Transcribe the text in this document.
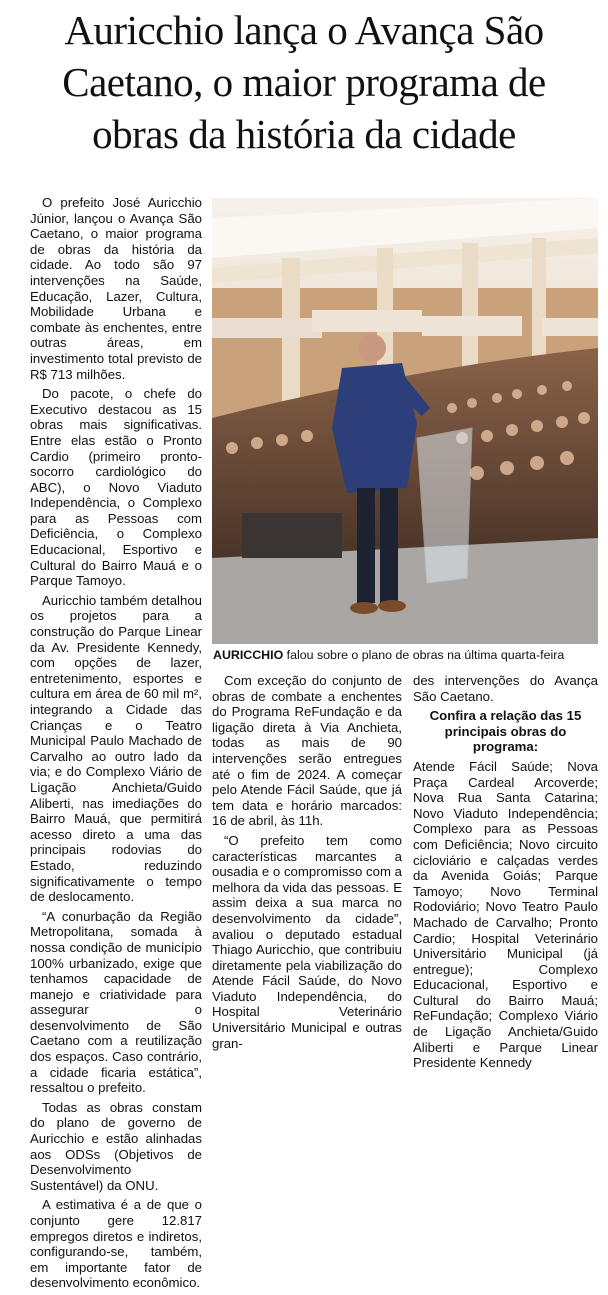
Auricchio lança o Avança São
Caetano, o maior programa de
obras da história da cidade

O prefeito José Auricchio Júnior, lançou o Avança São Caetano, o maior programa de obras da história da cidade. Ao todo são 97 intervenções na Saúde, Educação, Lazer, Cultura, Mobilidade Urbana e combate às enchentes, entre outras áreas, em investimento total previsto de R$ 713 milhões.

Do pacote, o chefe do Executivo destacou as 15 obras mais significativas. Entre elas estão o Pronto Cardio (primeiro pronto-socorro cardiológico do ABC), o Novo Viaduto Independência, o Complexo para as Pessoas com Deficiência, o Complexo Educacional, Esportivo e Cultural do Bairro Mauá e o Parque Tamoyo.

Auricchio também detalhou os projetos para a construção do Parque Linear da Av. Presidente Kennedy, com opções de lazer, entretenimento, esportes e cultura em área de 60 mil m², integrando a Cidade das Crianças e o Teatro Municipal Paulo Machado de Carvalho ao outro lado da via; e do Complexo Viário de Ligação Anchieta/Guido Aliberti, nas imediações do Bairro Mauá, que permitirá acesso direto a uma das principais rodovias do Estado, reduzindo significativamente o tempo de deslocamento.

“A conurbação da Região Metropolitana, somada à nossa condição de município 100% urbanizado, exige que tenhamos capacidade de manejo e criatividade para assegurar o desenvolvimento de São Caetano com a reutilização dos espaços. Caso contrário, a cidade ficaria estática”, ressaltou o prefeito.

Todas as obras constam do plano de governo de Auricchio e estão alinhadas aos ODSs (Objetivos de Desenvolvimento Sustentável) da ONU.

A estimativa é a de que o conjunto gere 12.817 empregos diretos e indiretos, configurando-se, também, em importante fator de desenvolvimento econômico.

AURICCHIO falou sobre o plano de obras na última quarta-feira

Com exceção do conjunto de obras de combate a enchentes do Programa ReFundação e da ligação direta à Via Anchieta, todas as mais de 90 intervenções serão entregues até o fim de 2024. A começar pelo Atende Fácil Saúde, que já tem data e horário marcados: 16 de abril, às 11h.

“O prefeito tem como características marcantes a ousadia e o compromisso com a melhora da vida das pessoas. E assim deixa a sua marca no desenvolvimento da cidade”, avaliou o deputado estadual Thiago Auricchio, que contribuiu diretamente pela viabilização do Atende Fácil Saúde, do Novo Viaduto Independência, do Hospital Veterinário Universitário Municipal e outras gran-

des intervenções do Avança São Caetano.

Confira a relação das 15 principais obras do programa:

Atende Fácil Saúde; Nova Praça Cardeal Arcoverde; Nova Rua Santa Catarina; Novo Viaduto Independência; Complexo para as Pessoas com Deficiência; Novo circuito cicloviário e calçadas verdes da Avenida Goiás; Parque Tamoyo; Novo Terminal Rodoviário; Novo Teatro Paulo Machado de Carvalho; Pronto Cardio; Hospital Veterinário Universitário Municipal (já entregue); Complexo Educacional, Esportivo e Cultural do Bairro Mauá; ReFundação; Complexo Viário de Ligação Anchieta/Guido Aliberti e Parque Linear Presidente Kennedy
